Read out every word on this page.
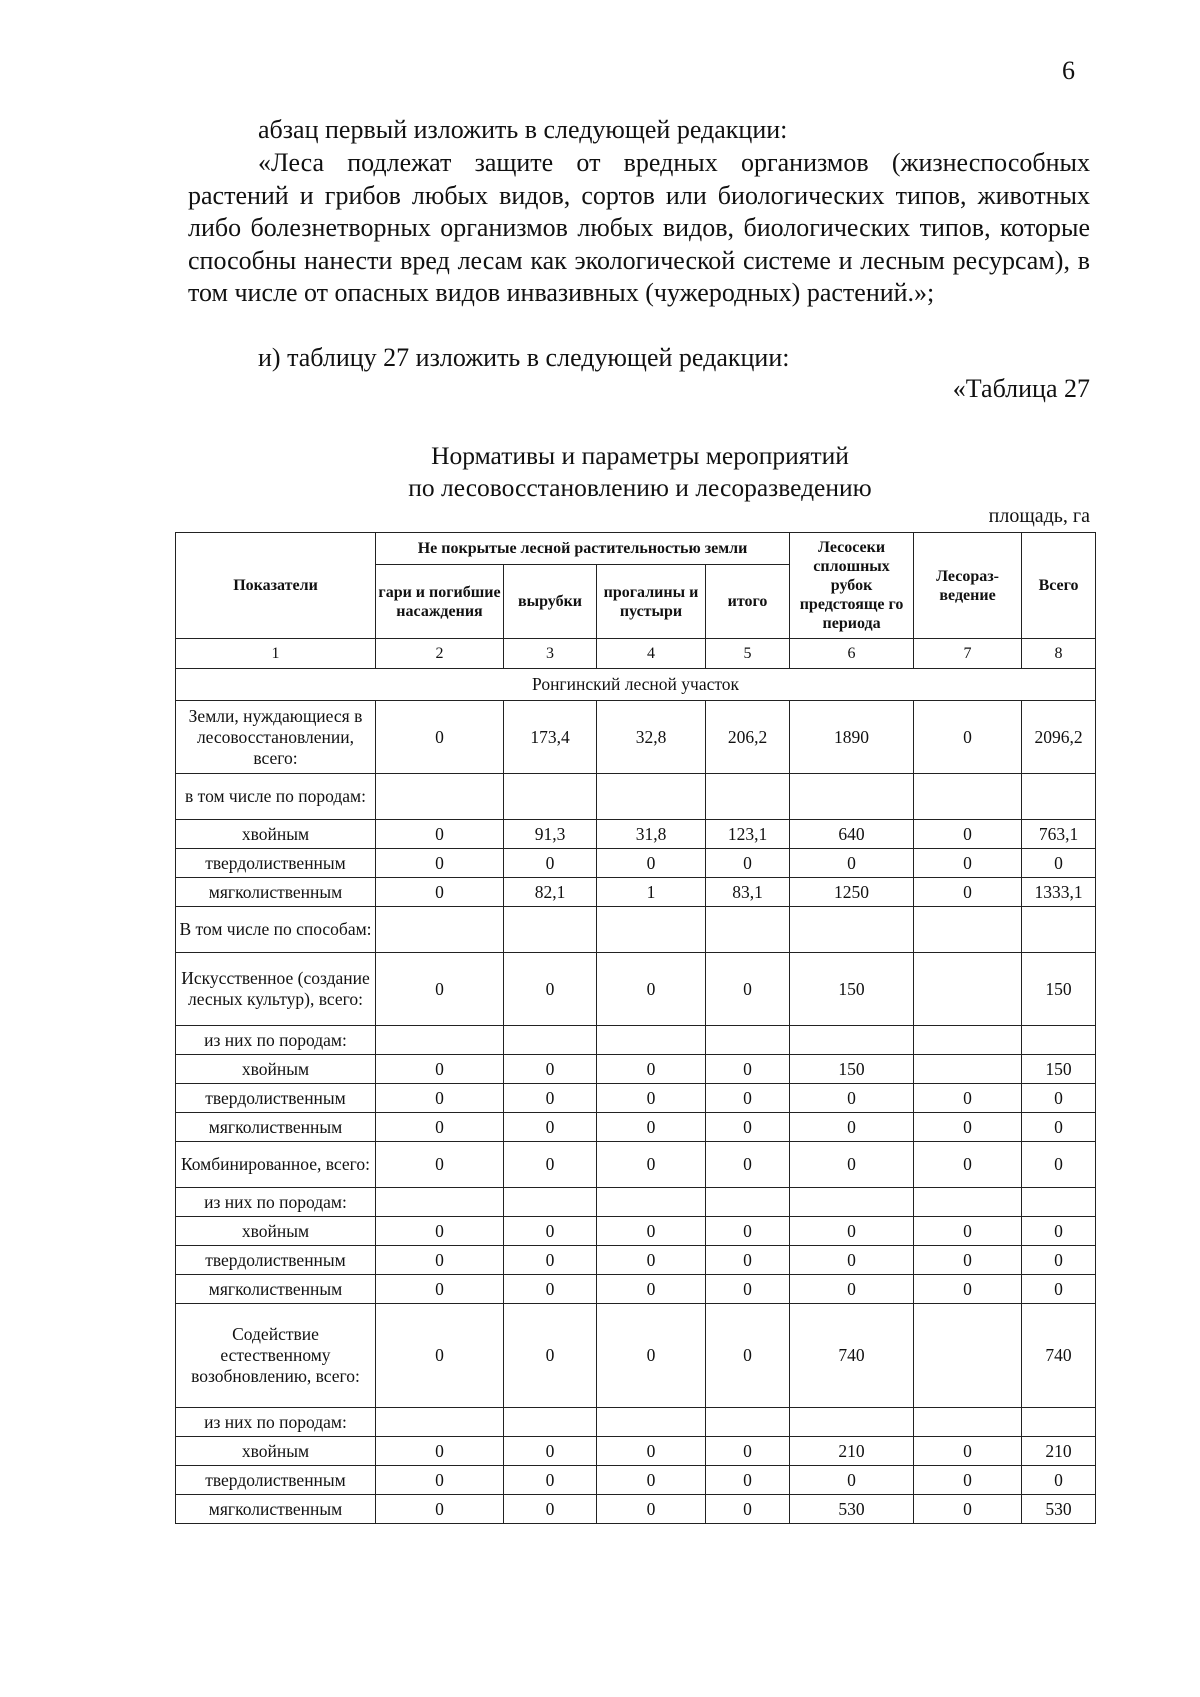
6

абзац первый изложить в следующей редакции:

«Леса подлежат защите от вредных организмов (жизнеспособных растений и грибов любых видов, сортов или биологических типов, животных либо болезнетворных организмов любых видов, биологических типов, которые способны нанести вред лесам как экологической системе и лесным ресурсам), в том числе от опасных видов инвазивных (чужеродных) растений.»;

и) таблицу 27 изложить в следующей редакции:

«Таблица 27
Нормативы и параметры мероприятий
по лесовосстановлению и лесоразведению
площадь, га
Показатели	Не покрытые лесной растительностью земли				Лесосеки сплошных рубок предстояще го периода	Лесораз- ведение	Всего
	гари и погибшие насаждения	вырубки	прогалины и пустыри	итого			
1	2	3	4	5	6	7	8
Ронгинский лесной участок							
Земли, нуждающиеся в лесовосстановлении, всего:	0	173,4	32,8	206,2	1890	0	2096,2
в том числе по породам:							
хвойным	0	91,3	31,8	123,1	640	0	763,1
твердолиственным	0	0	0	0	0	0	0
мягколиственным	0	82,1	1	83,1	1250	0	1333,1
В том числе по способам:							
Искусственное (создание лесных культур), всего:	0	0	0	0	150		150
из них по породам:							
хвойным	0	0	0	0	150		150
твердолиственным	0	0	0	0	0	0	0
мягколиственным	0	0	0	0	0	0	0
Комбинированное, всего:	0	0	0	0	0	0	0
из них по породам:							
хвойным	0	0	0	0	0	0	0
твердолиственным	0	0	0	0	0	0	0
мягколиственным	0	0	0	0	0	0	0
Содействие естественному возобновлению, всего:	0	0	0	0	740		740
из них по породам:							
хвойным	0	0	0	0	210	0	210
твердолиственным	0	0	0	0	0	0	0
мягколиственным	0	0	0	0	530	0	530
